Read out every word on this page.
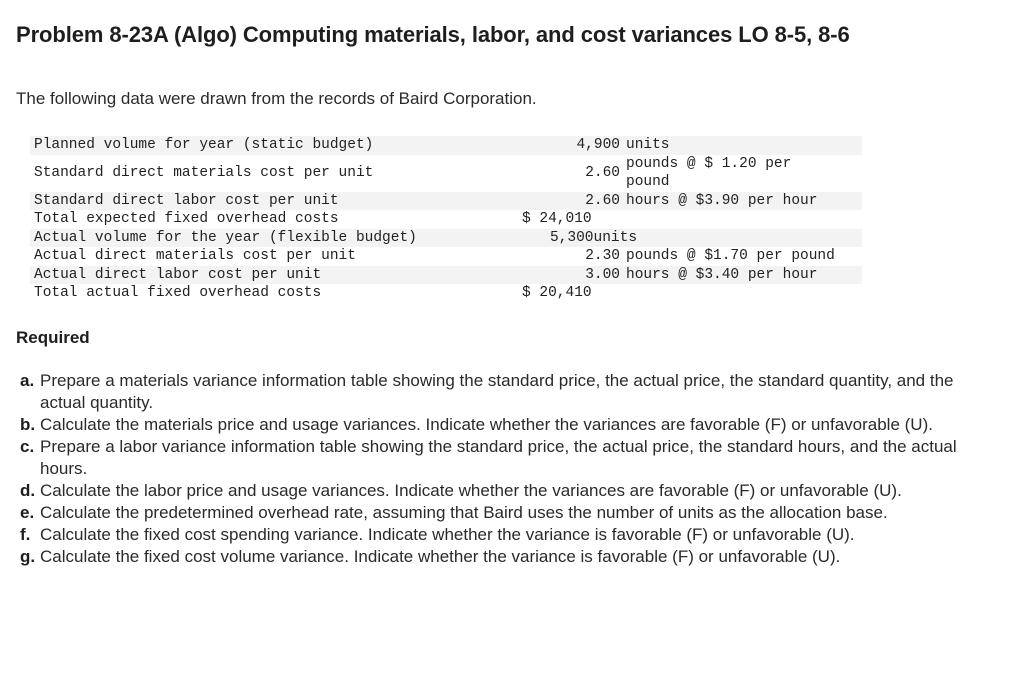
Problem 8-23A (Algo) Computing materials, labor, and cost variances LO 8-5, 8-6

The following data were drawn from the records of Baird Corporation.

Planned volume for year (static budget)	4,900	units
Standard direct materials cost per unit	2.60	pounds @ $ 1.20 per pound
Standard direct labor cost per unit	2.60	hours @ $3.90 per hour
Total expected fixed overhead costs	$ 24,010	
Actual volume for the year (flexible budget)	5,300units	
Actual direct materials cost per unit	2.30	pounds @ $1.70 per pound
Actual direct labor cost per unit	3.00	hours @ $3.40 per hour
Total actual fixed overhead costs	$ 20,410	
Required
a. Prepare a materials variance information table showing the standard price, the actual price, the standard quantity, and the actual quantity.
b. Calculate the materials price and usage variances. Indicate whether the variances are favorable (F) or unfavorable (U).
c. Prepare a labor variance information table showing the standard price, the actual price, the standard hours, and the actual hours.
d. Calculate the labor price and usage variances. Indicate whether the variances are favorable (F) or unfavorable (U).
e. Calculate the predetermined overhead rate, assuming that Baird uses the number of units as the allocation base.
f. Calculate the fixed cost spending variance. Indicate whether the variance is favorable (F) or unfavorable (U).
g. Calculate the fixed cost volume variance. Indicate whether the variance is favorable (F) or unfavorable (U).
